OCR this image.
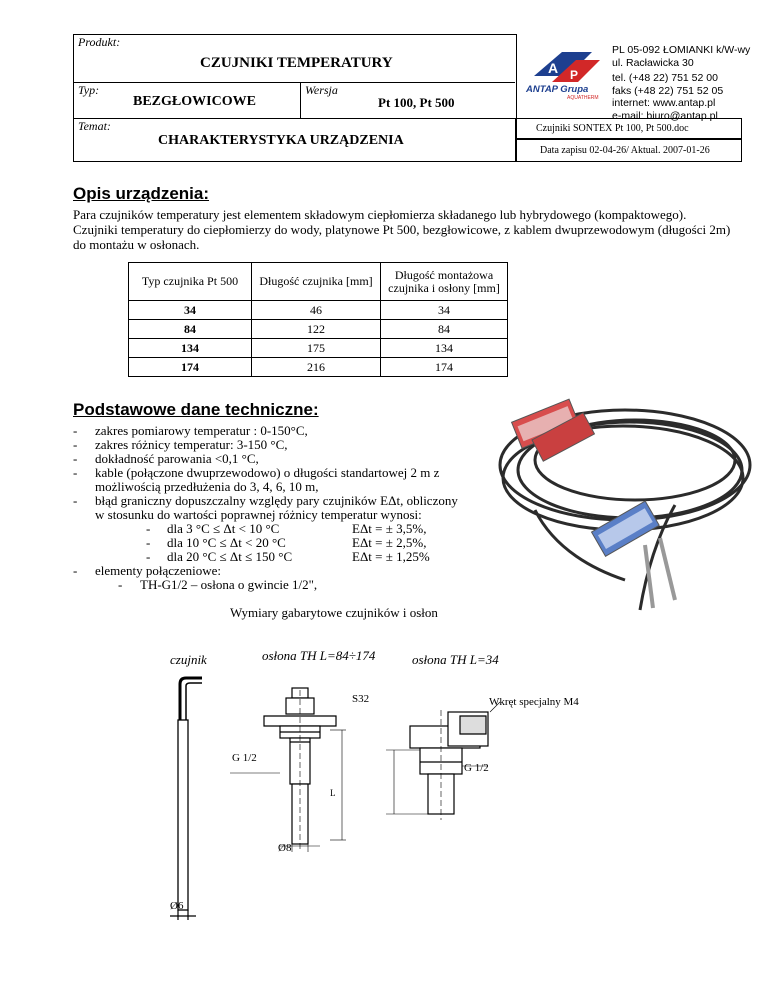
Produkt:
CZUJNIKI TEMPERATURY
Typ:
BEZGŁOWICOWE
Wersja
Pt 100, Pt 500
Temat:
CHARAKTERYSTYKA URZĄDZENIA
A P
ANTAP Grupa
AQUATHERM
PL 05-092 ŁOMIANKI k/W-wy
ul. Racławicka 30
tel. (+48 22) 751 52 00
faks (+48 22) 751 52 05
internet: www.antap.pl
e-mail: biuro@antap.pl
Czujniki SONTEX Pt 100, Pt 500.doc
Data zapisu 02-04-26/ Aktual. 2007-01-26
Opis urządzenia:
Para czujników temperatury jest elementem składowym ciepłomierza składanego lub hybrydowego (kompaktowego).
Czujniki temperatury do ciepłomierzy do wody, platynowe Pt 500, bezgłowicowe, z kablem dwuprzewodowym (długości 2m)
do montażu w osłonach.
Typ czujnika Pt 500	Długość czujnika [mm]	Długość montażowa czujnika i osłony [mm]
34	46	34
84	122	84
134	175	134
174	216	174
Podstawowe dane techniczne:
- zakres pomiarowy temperatur : 0-150°C,
- zakres różnicy temperatur: 3-150 °C,
- dokładność parowania <0,1 °C,
- kable (połączone dwuprzewodowo) o długości standartowej 2 m z
możliwością przedłużenia do 3, 4, 6, 10 m,
- błąd graniczny dopuszczalny względy pary czujników EΔt, obliczony
w stosunku do wartości poprawnej różnicy temperatur wynosi:
- dla 3 °C ≤ Δt < 10 °C	EΔt = ± 3,5%,
- dla 10 °C ≤ Δt < 20 °C	EΔt = ± 2,5%,
- dla 20 °C ≤ Δt ≤ 150 °C	EΔt = ± 1,25%
- elementy połączeniowe:
- TH-G1/2 – osłona o gwincie 1/2",
Wymiary gabarytowe czujników i osłon
czujnik	osłona TH L=84÷174	osłona TH L=34
S32	Wkręt specjalny M4
G 1/2
G 1/2
L
Ø8
Ø6
